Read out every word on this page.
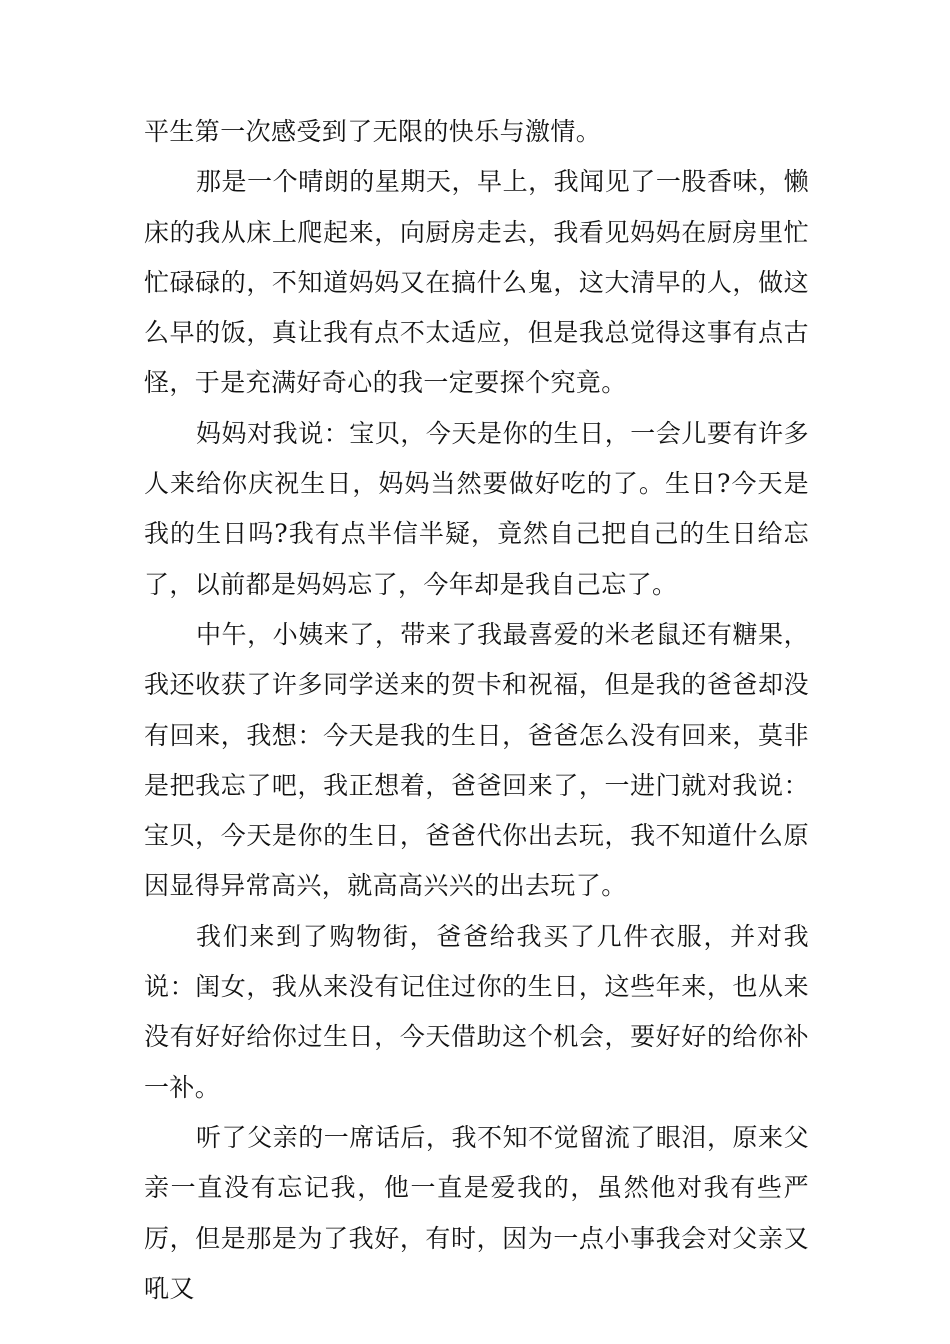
平生第一次感受到了无限的快乐与激情。

那是一个晴朗的星期天，早上，我闻见了一股香味，懒床的我从床上爬起来，向厨房走去，我看见妈妈在厨房里忙忙碌碌的，不知道妈妈又在搞什么鬼，这大清早的人，做这么早的饭，真让我有点不太适应，但是我总觉得这事有点古怪，于是充满好奇心的我一定要探个究竟。

妈妈对我说：宝贝，今天是你的生日，一会儿要有许多人来给你庆祝生日，妈妈当然要做好吃的了。生日?今天是我的生日吗?我有点半信半疑，竟然自己把自己的生日给忘了，以前都是妈妈忘了，今年却是我自己忘了。

中午，小姨来了，带来了我最喜爱的米老鼠还有糖果，我还收获了许多同学送来的贺卡和祝福，但是我的爸爸却没有回来，我想：今天是我的生日，爸爸怎么没有回来，莫非是把我忘了吧，我正想着，爸爸回来了，一进门就对我说：宝贝，今天是你的生日，爸爸代你出去玩，我不知道什么原因显得异常高兴，就高高兴兴的出去玩了。

我们来到了购物街，爸爸给我买了几件衣服，并对我说：闺女，我从来没有记住过你的生日，这些年来，也从来没有好好给你过生日，今天借助这个机会，要好好的给你补一补。

听了父亲的一席话后，我不知不觉留流了眼泪，原来父亲一直没有忘记我，他一直是爱我的，虽然他对我有些严厉，但是那是为了我好，有时，因为一点小事我会对父亲又吼又
